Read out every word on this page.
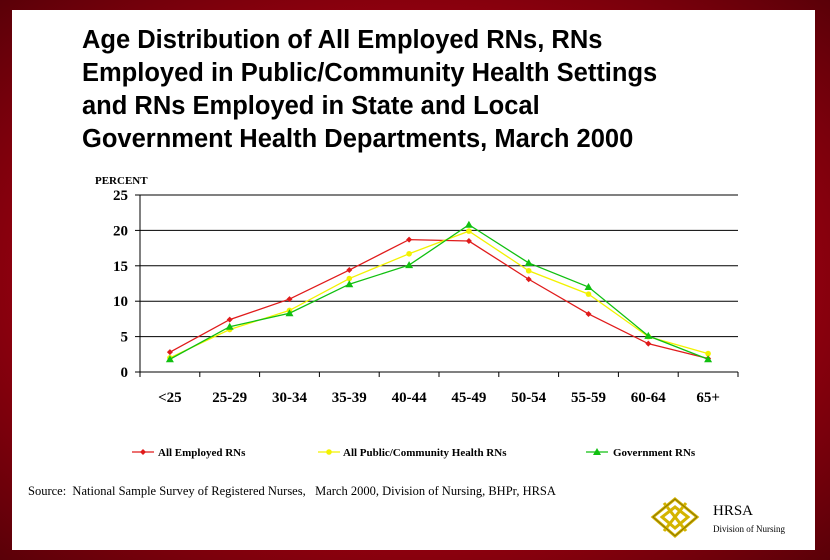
Age Distribution of All Employed RNs, RNs
Employed in Public/Community Health Settings
and RNs Employed in State and Local
Government Health Departments, March 2000
0
5
10
15
20
25
<25 25-29 30-34 35-39 40-44 45-49 50-54 55-59 60-64 65+
PERCENT
All Employed RNs	All Public/Community Health RNs	Government RNs
Source:  National Sample Survey of Registered Nurses,   March 2000, Division of Nursing, BHPr, HRSA
HRSA
Division of Nursing
